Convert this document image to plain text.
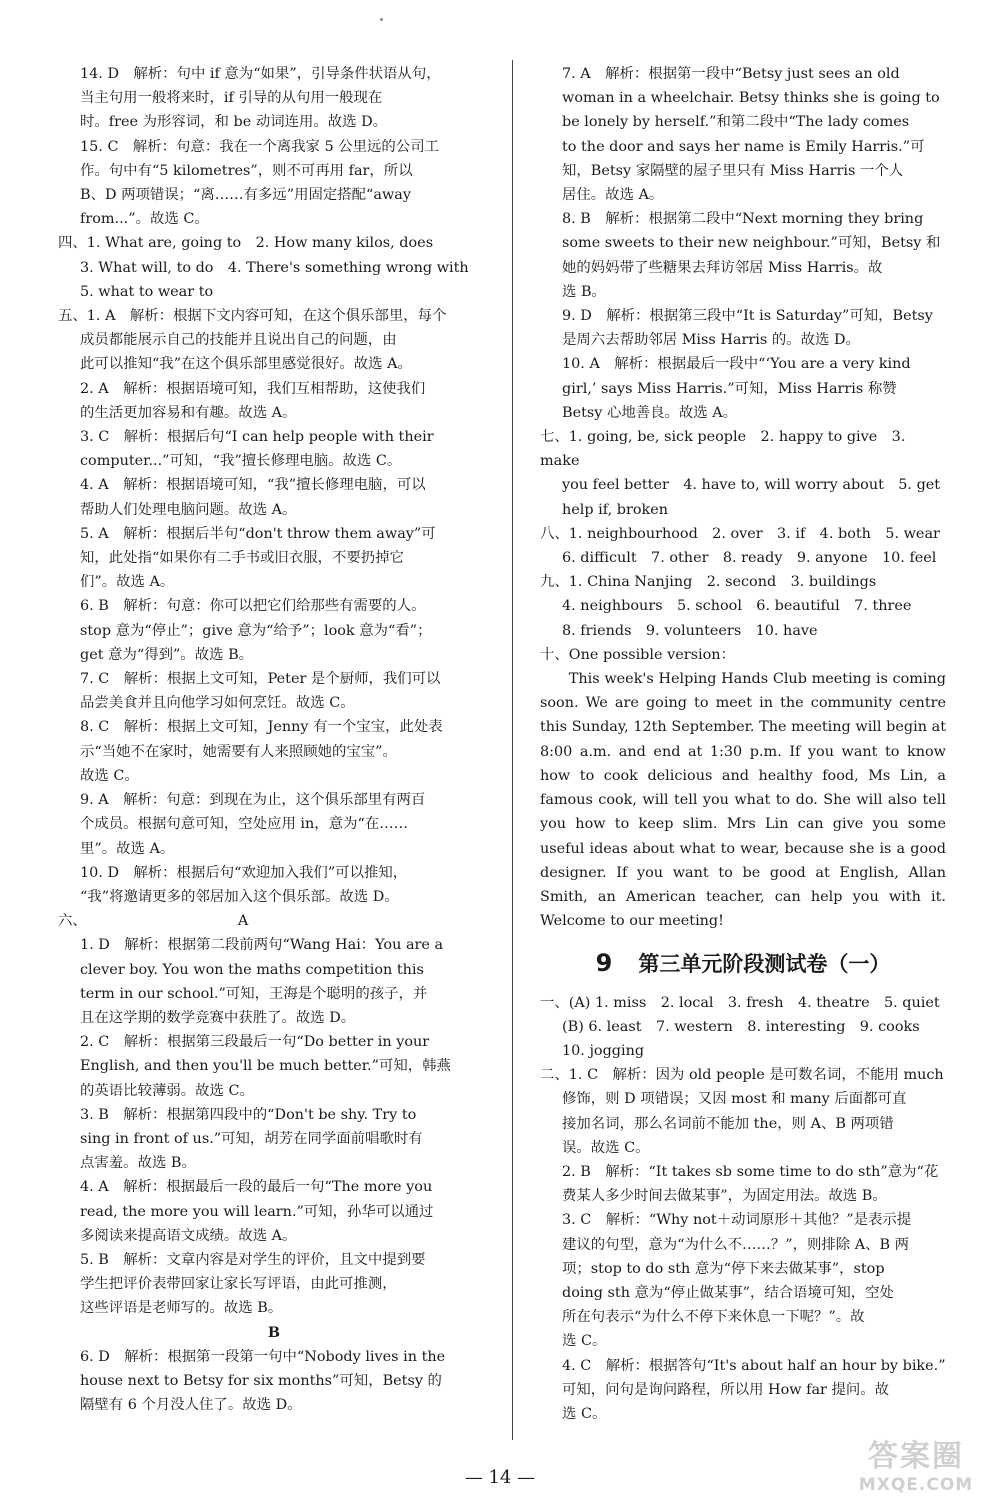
14. D　解析：句中 if 意为“如果”，引导条件状语从句，
当主句用一般将来时，if 引导的从句用一般现在
时。free 为形容词，和 be 动词连用。故选 D。
15. C　解析：句意：我在一个离我家 5 公里远的公司工
作。句中有“5 kilometres”，则不可再用 far，所以
B、D 两项错误；“离……有多远”用固定搭配“away
from...”。故选 C。
四、1. What are, going to　2. How many kilos, does
3. What will, to do　4. There's something wrong with
5. what to wear to
五、1. A　解析：根据下文内容可知，在这个俱乐部里，每个
成员都能展示自己的技能并且说出自己的问题，由
此可以推知“我”在这个俱乐部里感觉很好。故选 A。
2. A　解析：根据语境可知，我们互相帮助，这使我们
的生活更加容易和有趣。故选 A。
3. C　解析：根据后句“I can help people with their
computer...”可知，“我”擅长修理电脑。故选 C。
4. A　解析：根据语境可知，“我”擅长修理电脑，可以
帮助人们处理电脑问题。故选 A。
5. A　解析：根据后半句“don't throw them away”可
知，此处指“如果你有二手书或旧衣服，不要扔掉它
们”。故选 A。
6. B　解析：句意：你可以把它们给那些有需要的人。
stop 意为“停止”；give 意为“给予”；look 意为“看”；
get 意为“得到”。故选 B。
7. C　解析：根据上文可知，Peter 是个厨师，我们可以
品尝美食并且向他学习如何烹饪。故选 C。
8. C　解析：根据上文可知，Jenny 有一个宝宝，此处表
示“当她不在家时，她需要有人来照顾她的宝宝”。
故选 C。
9. A　解析：句意：到现在为止，这个俱乐部里有两百
个成员。根据句意可知，空处应用 in，意为“在……
里”。故选 A。
10. D　解析：根据后句“欢迎加入我们”可以推知，
“我”将邀请更多的邻居加入这个俱乐部。故选 D。
六、　　　　　　　　　　　A
1. D　解析：根据第二段前两句“Wang Hai：You are a
clever boy. You won the maths competition this
term in our school.”可知，王海是个聪明的孩子，并
且在这学期的数学竞赛中获胜了。故选 D。
2. C　解析：根据第三段最后一句“Do better in your
English, and then you'll be much better.”可知，韩燕
的英语比较薄弱。故选 C。
3. B　解析：根据第四段中的“Don't be shy. Try to
sing in front of us.”可知，胡芳在同学面前唱歌时有
点害羞。故选 B。
4. A　解析：根据最后一段的最后一句“The more you
read, the more you will learn.”可知，孙华可以通过
多阅读来提高语文成绩。故选 A。
5. B　解析：文章内容是对学生的评价，且文中提到要
学生把评价表带回家让家长写评语，由此可推测，
这些评语是老师写的。故选 B。
B
6. D　解析：根据第一段第一句中“Nobody lives in the
house next to Betsy for six months”可知，Betsy 的
隔壁有 6 个月没人住了。故选 D。
7. A　解析：根据第一段中“Betsy just sees an old
woman in a wheelchair. Betsy thinks she is going to
be lonely by herself.”和第二段中“The lady comes
to the door and says her name is Emily Harris.”可
知，Betsy 家隔壁的屋子里只有 Miss Harris 一个人
居住。故选 A。
8. B　解析：根据第二段中“Next morning they bring
some sweets to their new neighbour.”可知，Betsy 和
她的妈妈带了些糖果去拜访邻居 Miss Harris。故
选 B。
9. D　解析：根据第三段中“It is Saturday”可知，Betsy
是周六去帮助邻居 Miss Harris 的。故选 D。
10. A　解析：根据最后一段中“‘You are a very kind
girl,’ says Miss Harris.”可知，Miss Harris 称赞
Betsy 心地善良。故选 A。
七、1. going, be, sick people　2. happy to give　3. make
you feel better　4. have to, will worry about　5. get
help if, broken
八、1. neighbourhood　2. over　3. if　4. both　5. wear
6. difficult　7. other　8. ready　9. anyone　10. feel
九、1. China Nanjing　2. second　3. buildings
4. neighbours　5. school　6. beautiful　7. three
8. friends　9. volunteers　10. have
十、One possible version：
This week's Helping Hands Club meeting is coming soon. We are going to meet in the community centre this Sunday, 12th September. The meeting will begin at 8:00 a.m. and end at 1:30 p.m. If you want to know how to cook delicious and healthy food, Ms Lin, a famous cook, will tell you what to do. She will also tell you how to keep slim. Mrs Lin can give you some useful ideas about what to wear, because she is a good designer. If you want to be good at English, Allan Smith, an American teacher, can help you with it. Welcome to our meeting!
9 第三单元阶段测试卷（一）
一、(A) 1. miss　2. local　3. fresh　4. theatre　5. quiet
(B) 6. least　7. western　8. interesting　9. cooks
10. jogging
二、1. C　解析：因为 old people 是可数名词，不能用 much
修饰，则 D 项错误；又因 most 和 many 后面都可直
接加名词，那么名词前不能加 the，则 A、B 两项错
误。故选 C。
2. B　解析：“It takes sb some time to do sth”意为“花
费某人多少时间去做某事”，为固定用法。故选 B。
3. C　解析：“Why not＋动词原形＋其他？”是表示提
建议的句型，意为“为什么不……？”，则排除 A、B 两
项；stop to do sth 意为“停下来去做某事”，stop
doing sth 意为“停止做某事”，结合语境可知，空处
所在句表示“为什么不停下来休息一下呢？”。故
选 C。
4. C　解析：根据答句“It's about half an hour by bike.”
可知，问句是询问路程，所以用 How far 提问。故
选 C。
— 14 —
答案圈
MXQE.COM
